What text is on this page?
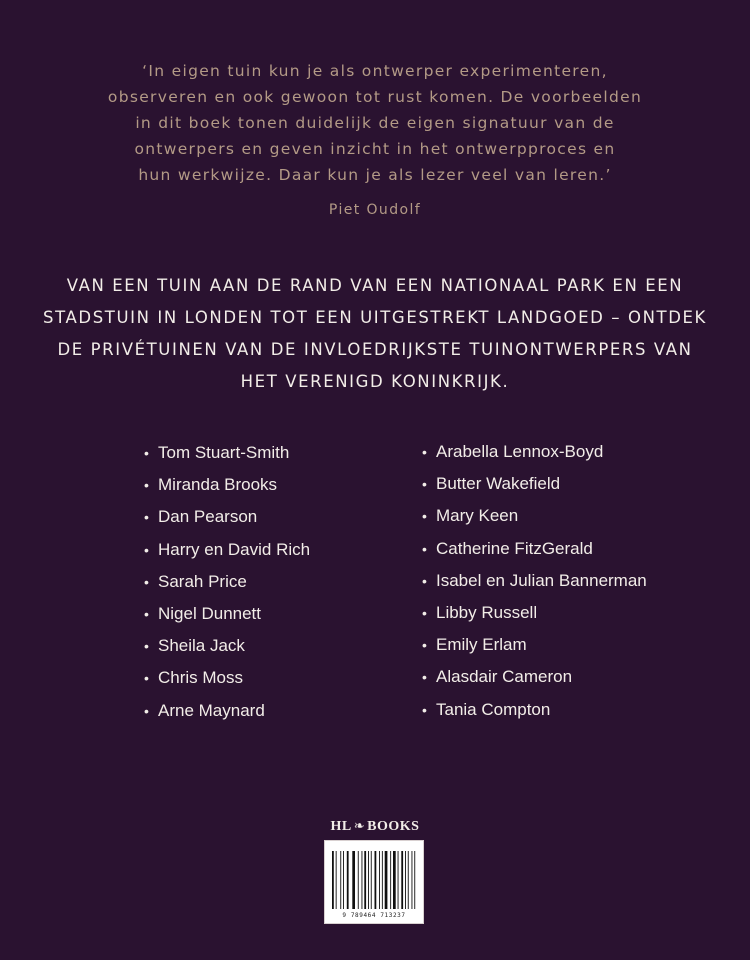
‘In eigen tuin kun je als ontwerper experimenteren,
observeren en ook gewoon tot rust komen. De voorbeelden
in dit boek tonen duidelijk de eigen signatuur van de
ontwerpers en geven inzicht in het ontwerpproces en
hun werkwijze. Daar kun je als lezer veel van leren.’
Piet Oudolf
VAN EEN TUIN AAN DE RAND VAN EEN NATIONAAL PARK EN EEN
STADSTUIN IN LONDEN TOT EEN UITGESTREKT LANDGOED – ONTDEK
DE PRIVÉTUINEN VAN DE INVLOEDRIJKSTE TUINONTWERPERS VAN
HET VERENIGD KONINKRIJK.
• Tom Stuart-Smith
• Miranda Brooks
• Dan Pearson
• Harry en David Rich
• Sarah Price
• Nigel Dunnett
• Sheila Jack
• Chris Moss
• Arne Maynard
• Arabella Lennox-Boyd
• Butter Wakefield
• Mary Keen
• Catherine FitzGerald
• Isabel en Julian Bannerman
• Libby Russell
• Emily Erlam
• Alasdair Cameron
• Tania Compton
HL ❧ BOOKS
9 789464 713237
